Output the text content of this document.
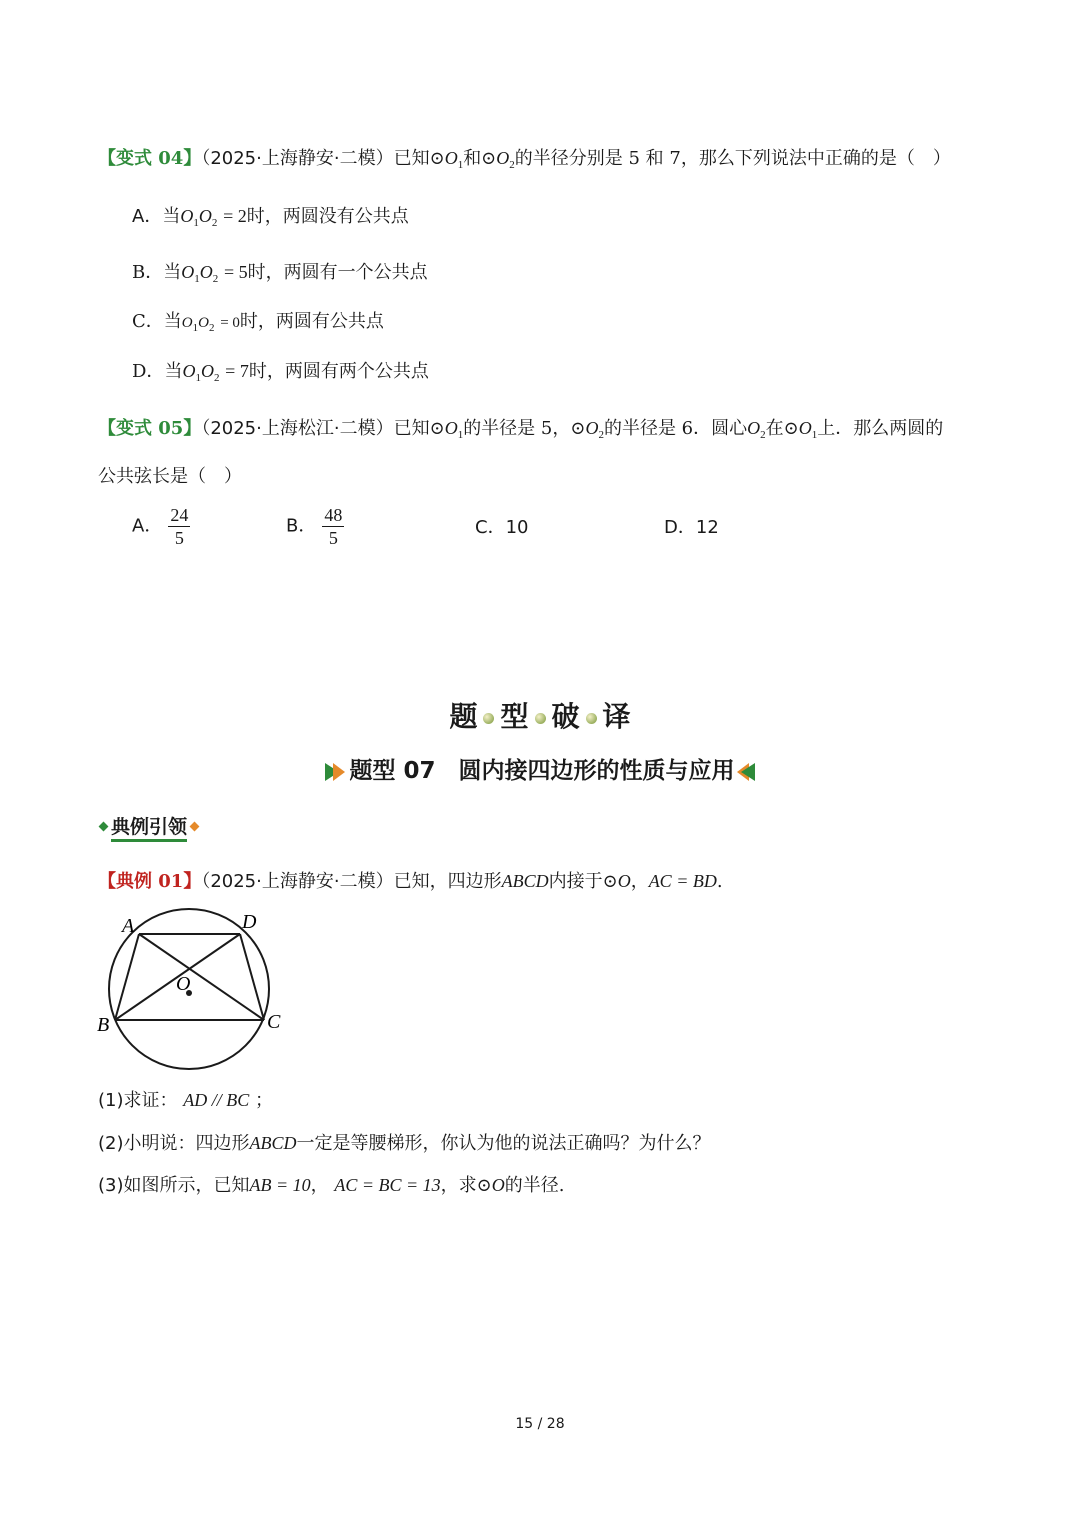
【变式 04】（2025·上海静安·二模）已知$⊙O_1$和$⊙O_2$的半径分别是 5 和 7，那么下列说法中正确的是（　）
A．当$O_1O_2 = 2$时，两圆没有公共点
B．当$O_1O_2 = 5$时，两圆有一个公共点
C．当$O_1O_2 = 0$时，两圆有公共点
D．当$O_1O_2 = 7$时，两圆有两个公共点
【变式 05】（2025·上海松江·二模）已知$⊙O_1$的半径是 5，$⊙O_2$的半径是 6．圆心$O_2$在$⊙O_1$上．那么两圆的
公共弦长是（　）
A． $\frac{24}{5}$	B． $\frac{48}{5}$	C．10	D．12
题 型 破 译
题型 07　圆内接四边形的性质与应用
典例引领
【典例 01】（2025·上海静安·二模）已知，四边形ABCD内接于⊙O，AC = BD.
A	D
B	C
O
(1)求证： AD // BC ；
(2)小明说：四边形ABCD一定是等腰梯形，你认为他的说法正确吗？为什么？
(3)如图所示，已知AB = 10， AC = BC = 13，求⊙O的半径.
15 / 28
